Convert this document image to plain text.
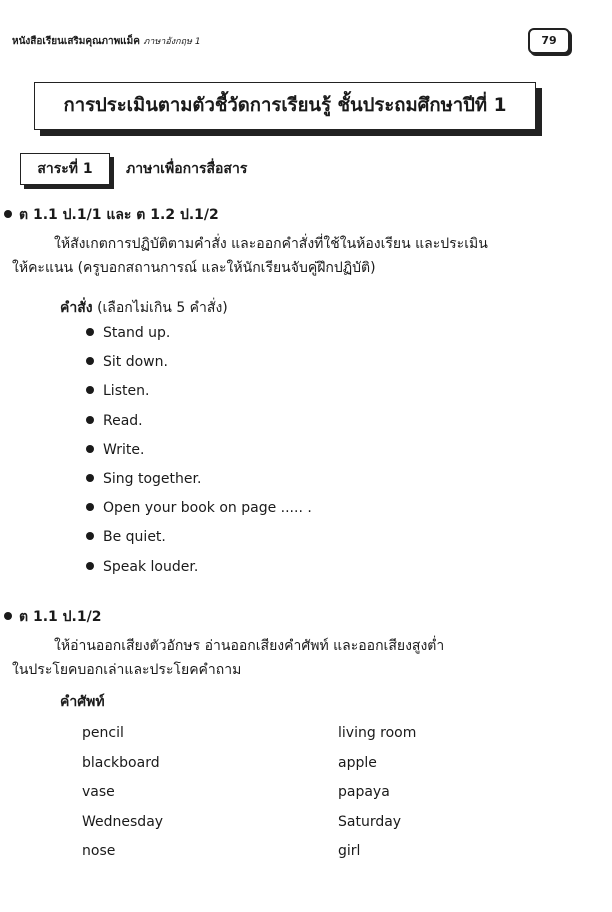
หนังสือเรียนเสริมคุณภาพแม็ค ภาษาอังกฤษ 1	79
การประเมินตามตัวชี้วัดการเรียนรู้ ชั้นประถมศึกษาปีที่ 1
สาระที่ 1	ภาษาเพื่อการสื่อสาร
ต 1.1 ป.1/1 และ ต 1.2 ป.1/2
ให้สังเกตการปฏิบัติตามคำสั่ง และออกคำสั่งที่ใช้ในห้องเรียน และประเมิน
ให้คะแนน (ครูบอกสถานการณ์ และให้นักเรียนจับคู่ฝึกปฏิบัติ)
คำสั่ง (เลือกไม่เกิน 5 คำสั่ง)
Stand up.
Sit down.
Listen.
Read.
Write.
Sing together.
Open your book on page ..... .
Be quiet.
Speak louder.
ต 1.1 ป.1/2
ให้อ่านออกเสียงตัวอักษร อ่านออกเสียงคำศัพท์ และออกเสียงสูงต่ำ
ในประโยคบอกเล่าและประโยคคำถาม
คำศัพท์
pencil	living room
blackboard	apple
vase	papaya
Wednesday	Saturday
nose	girl
